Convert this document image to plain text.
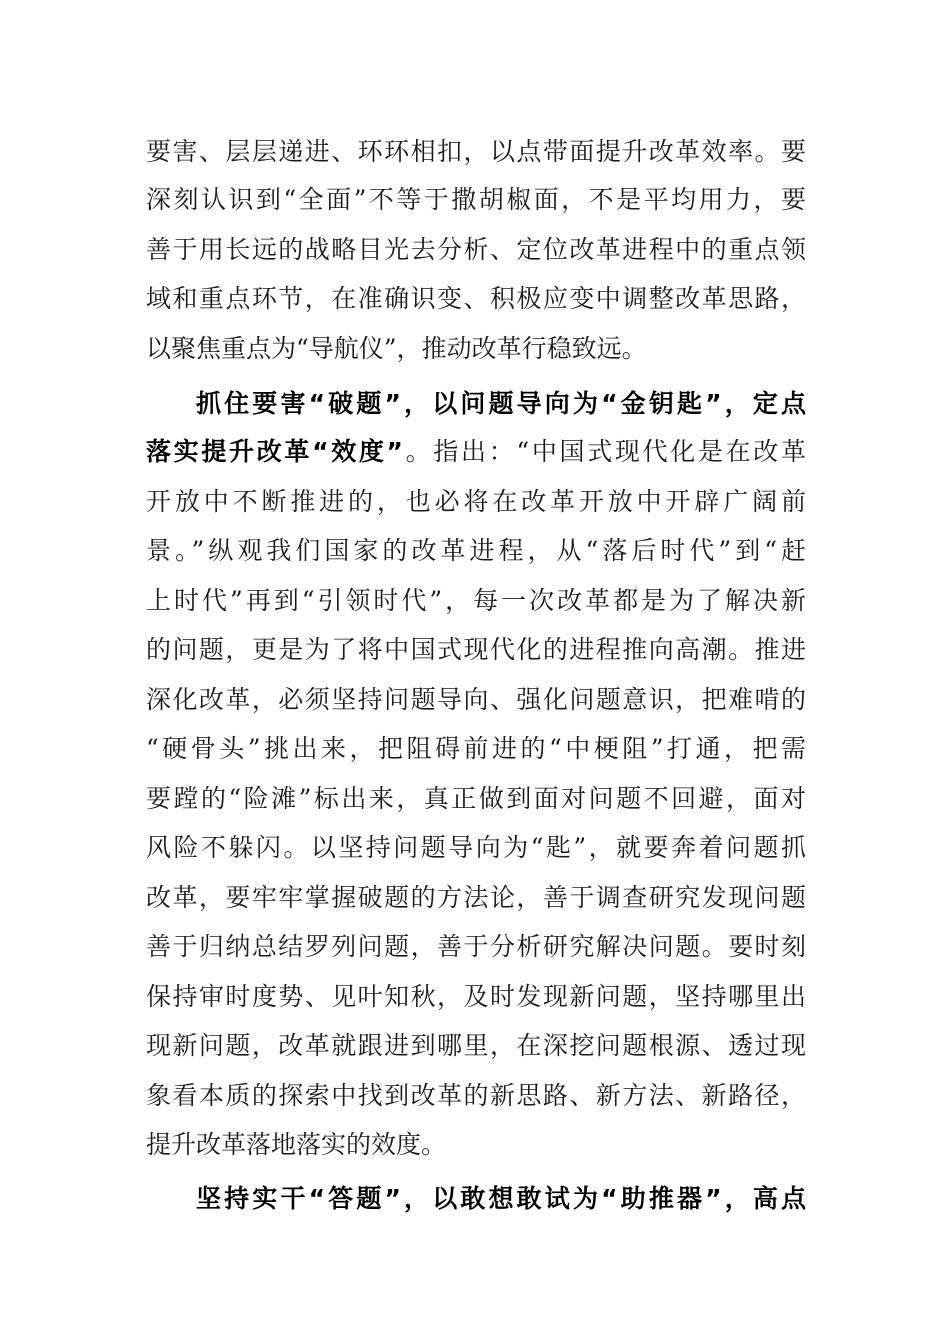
要害、层层递进、环环相扣，以点带面提升改革效率。要
深刻认识到“全面”不等于撒胡椒面，不是平均用力，要
善于用长远的战略目光去分析、定位改革进程中的重点领
域和重点环节，在准确识变、积极应变中调整改革思路，
以聚焦重点为“导航仪”，推动改革行稳致远。
抓住要害“破题”，以问题导向为“金钥匙”，定点
落实提升改革“效度”。指出：“中国式现代化是在改革
开放中不断推进的，也必将在改革开放中开辟广阔前
景。”纵观我们国家的改革进程，从“落后时代”到“赶
上时代”再到“引领时代”，每一次改革都是为了解决新
的问题，更是为了将中国式现代化的进程推向高潮。推进
深化改革，必须坚持问题导向、强化问题意识，把难啃的
“硬骨头”挑出来，把阻碍前进的“中梗阻”打通，把需
要蹚的“险滩”标出来，真正做到面对问题不回避，面对
风险不躲闪。以坚持问题导向为“匙”，就要奔着问题抓
改革，要牢牢掌握破题的方法论，善于调查研究发现问题
善于归纳总结罗列问题，善于分析研究解决问题。要时刻
保持审时度势、见叶知秋，及时发现新问题，坚持哪里出
现新问题，改革就跟进到哪里，在深挖问题根源、透过现
象看本质的探索中找到改革的新思路、新方法、新路径，
提升改革落地落实的效度。
坚持实干“答题”，以敢想敢试为“助推器”，高点
